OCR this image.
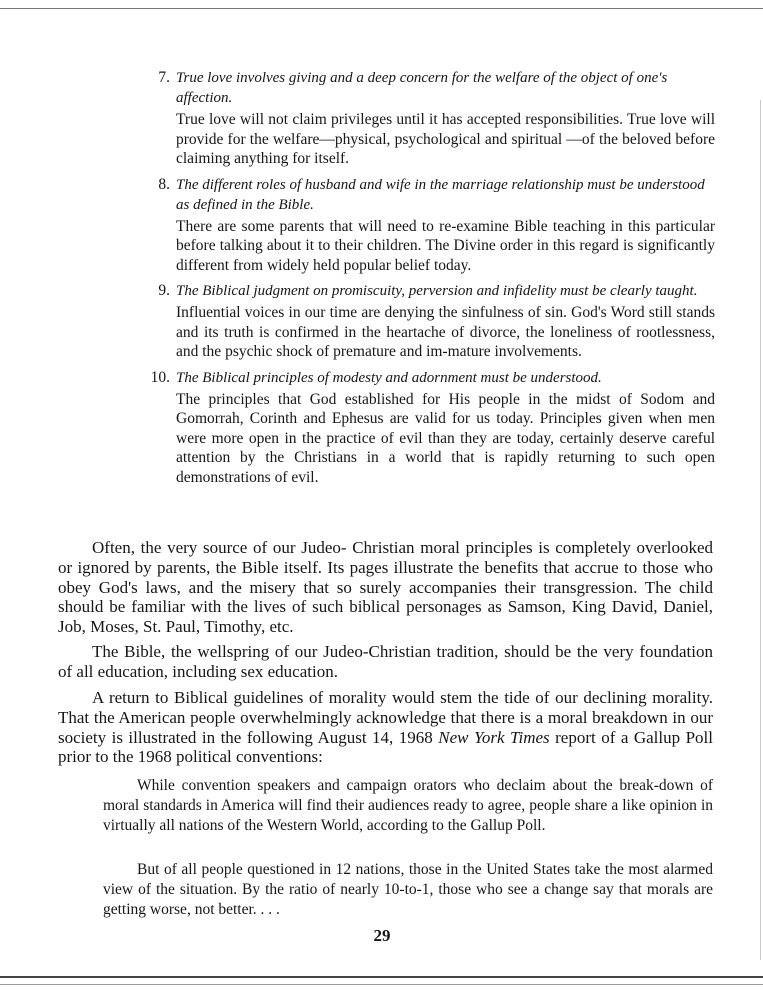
7. True love involves giving and a deep concern for the welfare of the object of one's affection.
True love will not claim privileges until it has accepted responsibilities. True love will provide for the welfare—physical, psychological and spiritual —of the beloved before claiming anything for itself.
8. The different roles of husband and wife in the marriage relationship must be understood as defined in the Bible.
There are some parents that will need to re-examine Bible teaching in this particular before talking about it to their children. The Divine order in this regard is significantly different from widely held popular belief today.
9. The Biblical judgment on promiscuity, perversion and infidelity must be clearly taught.
Influential voices in our time are denying the sinfulness of sin. God's Word still stands and its truth is confirmed in the heartache of divorce, the loneliness of rootlessness, and the psychic shock of premature and im-mature involvements.
10. The Biblical principles of modesty and adornment must be understood.
The principles that God established for His people in the midst of Sodom and Gomorrah, Corinth and Ephesus are valid for us today. Principles given when men were more open in the practice of evil than they are today, certainly deserve careful attention by the Christians in a world that is rapidly returning to such open demonstrations of evil.

Often, the very source of our Judeo- Christian moral principles is completely overlooked or ignored by parents, the Bible itself. Its pages illustrate the benefits that accrue to those who obey God's laws, and the misery that so surely accompanies their transgression. The child should be familiar with the lives of such biblical personages as Samson, King David, Daniel, Job, Moses, St. Paul, Timothy, etc.

The Bible, the wellspring of our Judeo-Christian tradition, should be the very foundation of all education, including sex education.

A return to Biblical guidelines of morality would stem the tide of our declining morality. That the American people overwhelmingly acknowledge that there is a moral breakdown in our society is illustrated in the following August 14, 1968 New York Times report of a Gallup Poll prior to the 1968 political conventions:

While convention speakers and campaign orators who declaim about the break-down of moral standards in America will find their audiences ready to agree, people share a like opinion in virtually all nations of the Western World, according to the Gallup Poll.

But of all people questioned in 12 nations, those in the United States take the most alarmed view of the situation. By the ratio of nearly 10-to-1, those who see a change say that morals are getting worse, not better. . . .

29
